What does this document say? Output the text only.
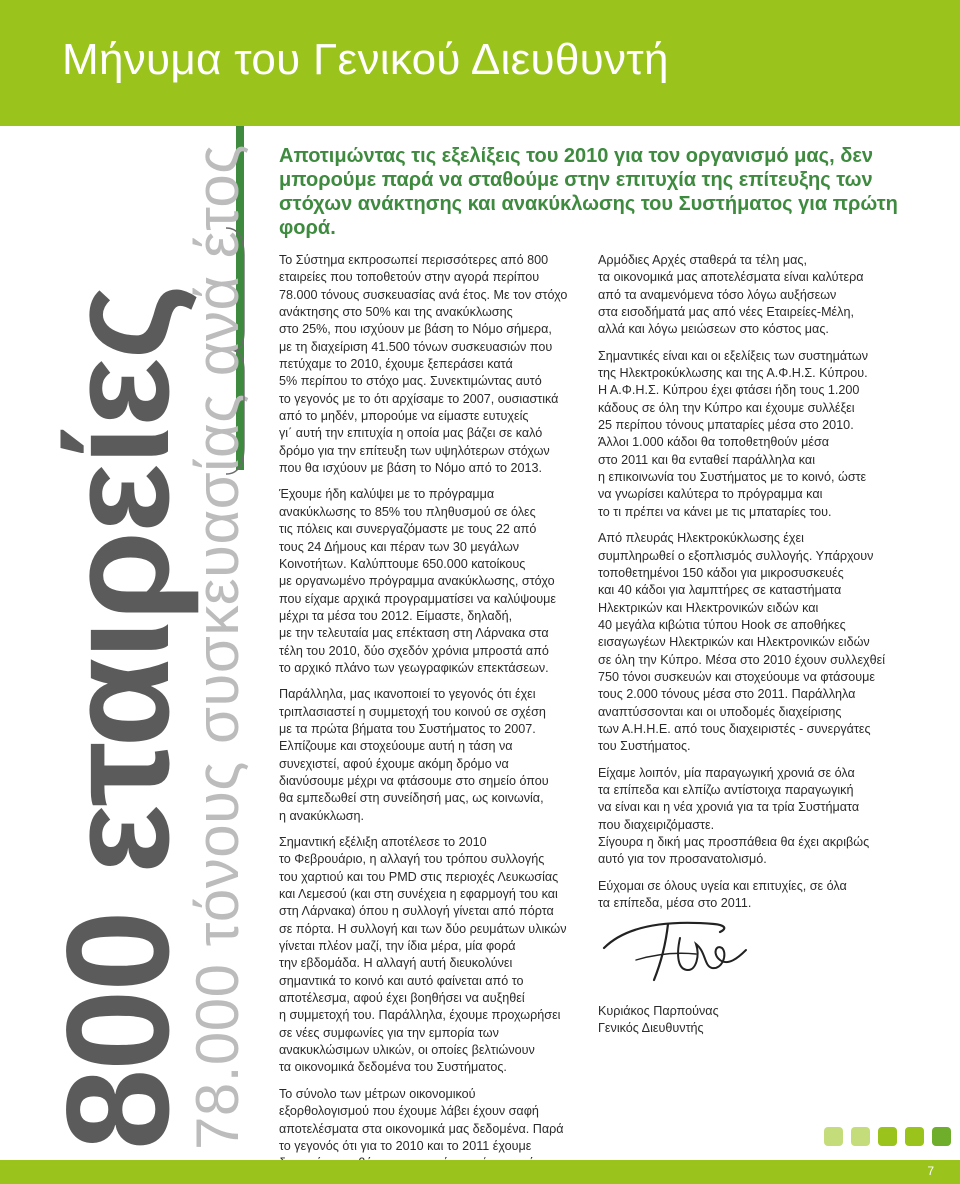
Μήνυμα του Γενικού Διευθυντή
800 εταιρείες
78.000 τόνους συσκευασίας ανά έτος Αποτιμώντας τις εξελίξεις του 2010 για τον οργανισμό μας, δεν μπορούμε παρά να σταθούμε στην επιτυχία της επίτευξης των στόχων ανάκτησης και ανακύκλωσης του Συστήματος για πρώτη φορά.

Το Σύστημα εκπροσωπεί περισσότερες από 800
εταιρείες που τοποθετούν στην αγορά περίπου
78.000 τόνους συσκευασίας ανά έτος. Με τον στόχο
ανάκτησης στο 50% και της ανακύκλωσης
στο 25%, που ισχύουν με βάση το Νόμο σήμερα,
με τη διαχείριση 41.500 τόνων συσκευασιών που
πετύχαμε το 2010, έχουμε ξεπεράσει κατά
5% περίπου το στόχο μας. Συνεκτιμώντας αυτό
το γεγονός με το ότι αρχίσαμε το 2007, ουσιαστικά
από το μηδέν, μπορούμε να είμαστε ευτυχείς
γι΄ αυτή την επιτυχία η οποία μας βάζει σε καλό
δρόμο για την επίτευξη των υψηλότερων στόχων
που θα ισχύουν με βάση το Νόμο από το 2013.

Έχουμε ήδη καλύψει με το πρόγραμμα
ανακύκλωσης το 85% του πληθυσμού σε όλες
τις πόλεις και συνεργαζόμαστε με τους 22 από
τους 24 Δήμους και πέραν των 30 μεγάλων
Κοινοτήτων. Καλύπτουμε 650.000 κατοίκους
με οργανωμένο πρόγραμμα ανακύκλωσης, στόχο
που είχαμε αρχικά προγραμματίσει να καλύψουμε
μέχρι τα μέσα του 2012. Είμαστε, δηλαδή,
με την τελευταία μας επέκταση στη Λάρνακα στα
τέλη του 2010, δύο σχεδόν χρόνια μπροστά από
το αρχικό πλάνο των γεωγραφικών επεκτάσεων.

Παράλληλα, μας ικανοποιεί το γεγονός ότι έχει
τριπλασιαστεί η συμμετοχή του κοινού σε σχέση
με τα πρώτα βήματα του Συστήματος το 2007.
Ελπίζουμε και στοχεύουμε αυτή η τάση να
συνεχιστεί, αφού έχουμε ακόμη δρόμο να
διανύσουμε μέχρι να φτάσουμε στο σημείο όπου
θα εμπεδωθεί στη συνείδησή μας, ως κοινωνία,
η ανακύκλωση.

Σημαντική εξέλιξη αποτέλεσε το 2010
το Φεβρουάριο, η αλλαγή του τρόπου συλλογής
του χαρτιού και του PMD στις περιοχές Λευκωσίας
και Λεμεσού (και στη συνέχεια η εφαρμογή του και
στη Λάρνακα) όπου η συλλογή γίνεται από πόρτα
σε πόρτα. Η συλλογή και των δύο ρευμάτων υλικών
γίνεται πλέον μαζί, την ίδια μέρα, μία φορά
την εβδομάδα. Η αλλαγή αυτή διευκολύνει
σημαντικά το κοινό και αυτό φαίνεται από το
αποτέλεσμα, αφού έχει βοηθήσει να αυξηθεί
η συμμετοχή του. Παράλληλα, έχουμε προχωρήσει
σε νέες συμφωνίες για την εμπορία των
ανακυκλώσιμων υλικών, οι οποίες βελτιώνουν
τα οικονομικά δεδομένα του Συστήματος.

Το σύνολο των μέτρων οικονομικού
εξορθολογισμού που έχουμε λάβει έχουν σαφή
αποτελέσματα στα οικονομικά μας δεδομένα. Παρά
το γεγονός ότι για το 2010 και το 2011 έχουμε

Αρμόδιες Αρχές σταθερά τα τέλη μας,
τα οικονομικά μας αποτελέσματα είναι καλύτερα
από τα αναμενόμενα τόσο λόγω αυξήσεων
στα εισοδήματά μας από νέες Εταιρείες-Μέλη,
αλλά και λόγω μειώσεων στο κόστος μας.

Σημαντικές είναι και οι εξελίξεις των συστημάτων
της Ηλεκτροκύκλωσης και της Α.Φ.Η.Σ. Κύπρου.
Η Α.Φ.Η.Σ. Κύπρου έχει φτάσει ήδη τους 1.200
κάδους σε όλη την Κύπρο και έχουμε συλλέξει
25 περίπου τόνους μπαταρίες μέσα στο 2010.
Άλλοι 1.000 κάδοι θα τοποθετηθούν μέσα
στο 2011 και θα ενταθεί παράλληλα και
η επικοινωνία του Συστήματος με το κοινό, ώστε
να γνωρίσει καλύτερα το πρόγραμμα και
το τι πρέπει να κάνει με τις μπαταρίες του.

Από πλευράς Ηλεκτροκύκλωσης έχει
συμπληρωθεί ο εξοπλισμός συλλογής. Υπάρχουν
τοποθετημένοι 150 κάδοι για μικροσυσκευές
και 40 κάδοι για λαμπτήρες σε καταστήματα
Ηλεκτρικών και Ηλεκτρονικών ειδών και
40 μεγάλα κιβώτια τύπου Hook σε αποθήκες
εισαγωγέων Ηλεκτρικών και Ηλεκτρονικών ειδών
σε όλη την Κύπρο. Μέσα στο 2010 έχουν συλλεχθεί
750 τόνοι συσκευών και στοχεύουμε να φτάσουμε
τους 2.000 τόνους μέσα στο 2011. Παράλληλα
αναπτύσσονται και οι υποδομές διαχείρισης
των Α.Η.Η.Ε. από τους διαχειριστές - συνεργάτες
του Συστήματος.

Είχαμε λοιπόν, μία παραγωγική χρονιά σε όλα
τα επίπεδα και ελπίζω αντίστοιχα παραγωγική
να είναι και η νέα χρονιά για τα τρία Συστήματα
που διαχειριζόμαστε.
Σίγουρα η δική μας προσπάθεια θα έχει ακριβώς
αυτό για τον προσανατολισμό.

Εύχομαι σε όλους υγεία και επιτυχίες, σε όλα
τα επίπεδα, μέσα στο 2011.

Κυριάκος Παρπούνας
Γενικός Διευθυντής
7
